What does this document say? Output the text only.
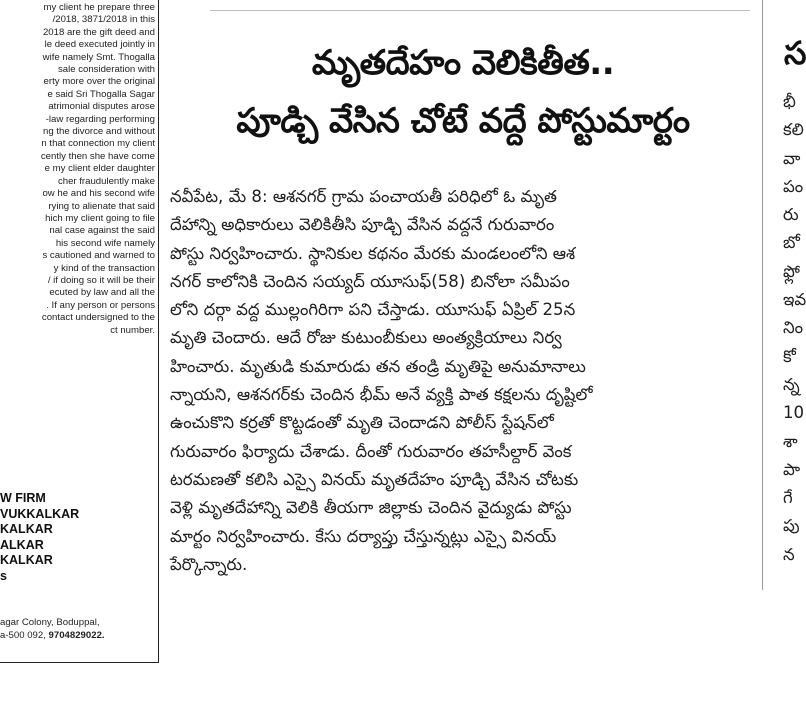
my client he prepare three
/2018, 3871/2018 in this
2018 are the gift deed and
le deed executed jointly in
wife namely Smt. Thogalla
sale consideration with
erty more over the original
e said Sri Thogalla Sagar
atrimonial disputes arose
-law regarding performing
ng the divorce and without
n that connection my client
cently then she have come
e my client elder daughter
cher fraudulently make
ow he and his second wife
rying to alienate that said
hich my client going to file
nal case against the said
his second wife namely
s cautioned and warned to
y kind of the transaction
/ if doing so it will be their
ecuted by law and all the
. If any person or persons
contact undersigned to the
ct number.
W FIRM
VUKKALKAR
KALKAR
ALKAR
KALKAR
s
agar Colony, Boduppal,
a-500 092, 9704829022.
మృతదేహం వెలికితీత..
పూడ్చి వేసిన చోటే వద్దే పోస్టుమార్టం
నవీపేట, మే 8: ఆశనగర్ గ్రామ పంచాయతీ పరిధిలో ఓ మృత
దేహాన్ని అధికారులు వెలికితీసి పూడ్చి వేసిన వద్దనే గురువారం
పోస్టు నిర్వహించారు. స్థానికుల కథనం మేరకు మండలంలోని ఆశ
నగర్ కాలోనికి చెందిన సయ్యద్ యూసుఫ్(58) బినోలా సమీపం
లోని దర్గా వద్ద ముల్లంగిరిగా పని చేస్తాడు. యూసుఫ్ ఏప్రిల్ 25న
మృతి చెందారు. ఆదే రోజు కుటుంబీకులు అంత్యక్రియాలు నిర్వ
హించారు. మృతుడి కుమారుడు తన తండ్రి మృతిపై అనుమానాలు
న్నాయని, ఆశనగర్‌కు చెందిన భీమ్ అనే వ్యక్తి పాత కక్షలను దృష్టిలో
ఉంచుకొని కర్రతో కొట్టడంతో మృతి చెందాడని పోలీస్ స్టేషన్‌లో
గురువారం ఫిర్యాదు చేశాడు. దీంతో గురువారం తహసీల్దార్ వెంక
టరమణతో కలిసి ఎస్సై వినయ్ మృతదేహం పూడ్చి వేసిన చోటకు
వెళ్లి మృతదేహాన్ని వెలికి తీయగా జిల్లాకు చెందిన వైద్యుడు పోస్టు
మార్టం నిర్వహించారు. కేసు దర్యాప్తు చేస్తున్నట్లు ఎస్సై వినయ్
పేర్కొన్నారు.
స
భీ
కలి
వా
పం
రు
బో
ఫ్లో
ఇవ
నిం
కో
న్న
10
శా
పా
గే
పు
న
